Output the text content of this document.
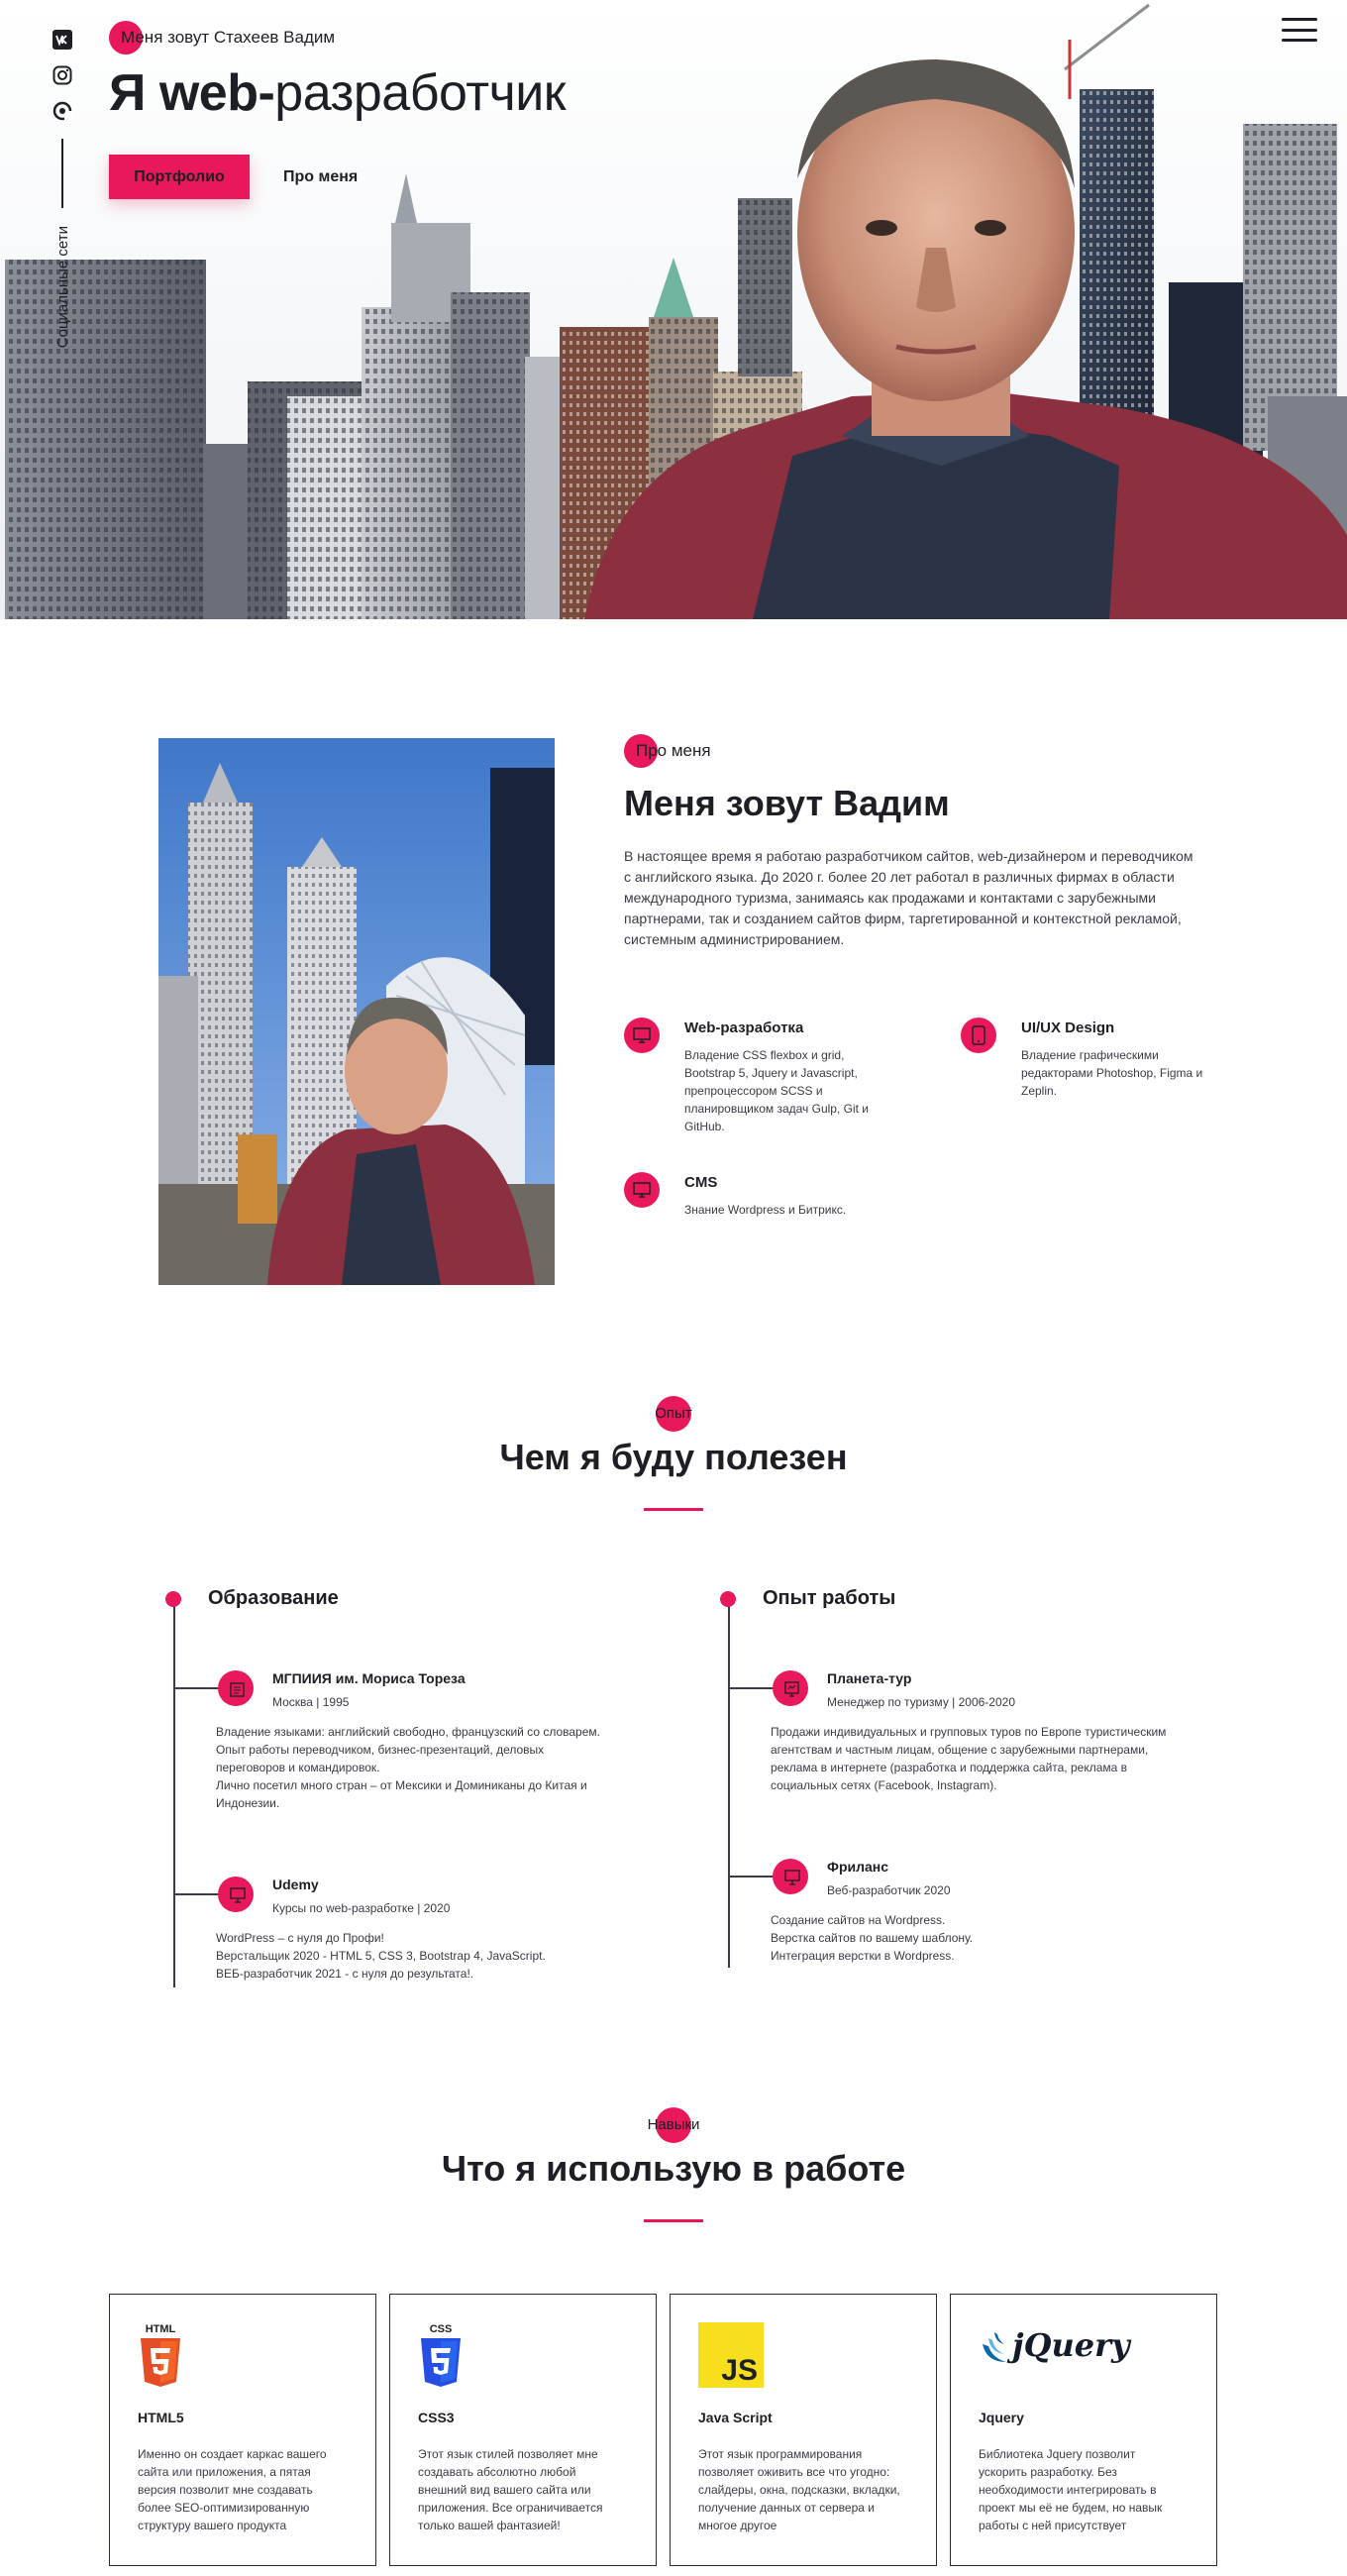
Социальные сети
Меня зовут Стахеев Вадим
Я web-разработчик
Портфолио	Про меня
Про меня
Меня зовут Вадим

В настоящее время я работаю разработчиком сайтов, web-дизайнером и переводчиком с английского языка. До 2020 г. более 20 лет работал в различных фирмах в области международного туризма, занимаясь как продажами и контактами с зарубежными партнерами, так и созданием сайтов фирм, таргетированной и контекстной рекламой, системным администрированием.

Web-разработка
Владение CSS flexbox и grid, Bootstrap 5, Jquery и Javascript, препроцессором SCSS и планировщиком задач Gulp, Git и GitHub.
UI/UX Design
Владение графическими редакторами Photoshop, Figma и Zeplin.
CMS
Знание Wordpress и Битрикс.
Опыт
Чем я буду полезен
Образование
МГПИИЯ им. Мориса Тореза
Москва | 1995
Владение языками: английский свободно, французский со словарем.
Опыт работы переводчиком, бизнес-презентаций, деловых переговоров и командировок.
Лично посетил много стран – от Мексики и Доминиканы до Китая и Индонезии.
Udemy
Курсы по web-разработке | 2020
WordPress – с нуля до Профи!
Верстальщик 2020 - HTML 5, CSS 3, Bootstrap 4, JavaScript.
ВЕБ-разработчик 2021 - с нуля до результата!.
Опыт работы
Планета-тур
Менеджер по туризму | 2006-2020
Продажи индивидуальных и групповых туров по Европе туристическим агентствам и частным лицам, общение с зарубежными партнерами, реклама в интернете (разработка и поддержка сайта, реклама в социальных сетях (Facebook, Instagram).
Фриланс
Веб-разработчик 2020
Создание сайтов на Wordpress.
Верстка сайтов по вашему шаблону.
Интеграция верстки в Wordpress.
Навыки
Что я использую в работе
HTML
HTML5
Именно он создает каркас вашего сайта или приложения, а пятая версия позволит мне создавать более SEO-оптимизированную структуру вашего продукта
CSS
CSS3
Этот язык стилей позволяет мне создавать абсолютно любой внешний вид вашего сайта или приложения. Все ограничивается только вашей фантазией!
JS
Java Script
Этот язык программирования позволяет оживить все что угодно: слайдеры, окна, подсказки, вкладки, получение данных от сервера и многое другое
jQuery
Jquery
Библиотека Jquery позволит ускорить разработку. Без необходимости интегрировать в проект мы её не будем, но навык работы с ней присутствует
